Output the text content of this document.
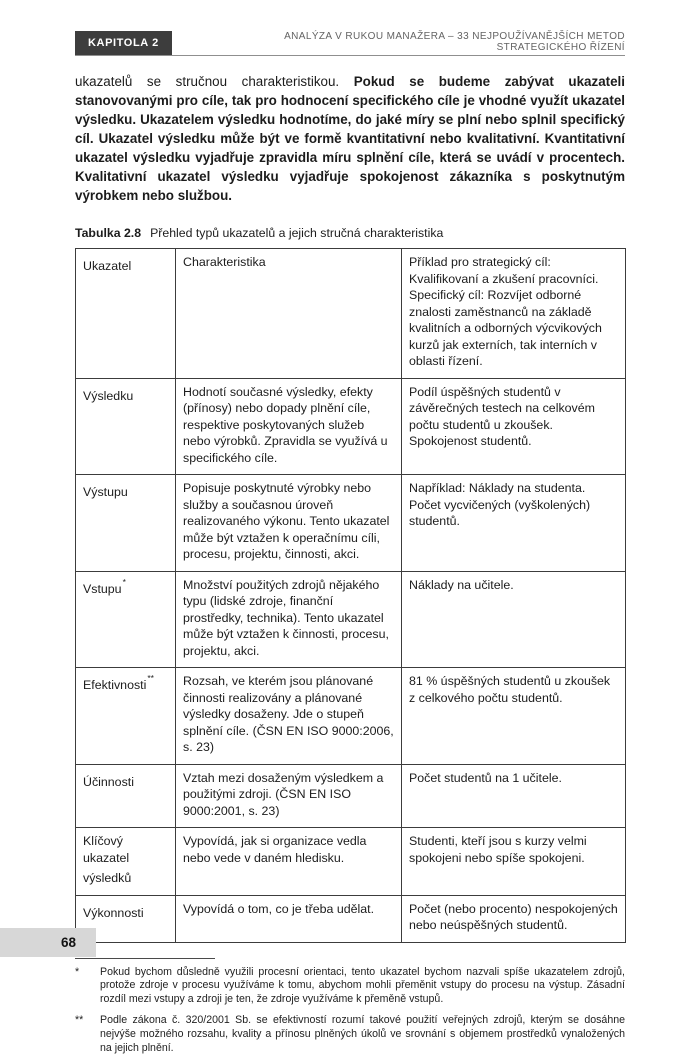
KAPITOLA 2
ANALÝZA V RUKOU MANAŽERA – 33 NEJPOUŽÍVANĚJŠÍCH METOD STRATEGICKÉHO ŘÍZENÍ

ukazatelů se stručnou charakteristikou. Pokud se budeme zabývat ukazateli stanovovanými pro cíle, tak pro hodnocení specifického cíle je vhodné využít ukazatel výsledku. Ukazatelem výsledku hodnotíme, do jaké míry se plní nebo splnil specifický cíl. Ukazatel výsledku může být ve formě kvantitativní nebo kvalitativní. Kvantitativní ukazatel výsledku vyjadřuje zpravidla míru splnění cíle, která se uvádí v procentech. Kvalitativní ukazatel výsledku vyjadřuje spokojenost zákazníka s poskytnutým výrobkem nebo službou.

Tabulka 2.8 Přehled typů ukazatelů a jejich stručná charakteristika

Ukazatel	Charakteristika	Příklad pro strategický cíl: Kvalifikovaní a zkušení pracovníci. Specifický cíl: Rozvíjet odborné znalosti zaměstnanců na základě kvalitních a odborných výcvikových kurzů jak externích, tak interních v oblasti řízení.
Výsledku	Hodnotí současné výsledky, efekty (přínosy) nebo dopady plnění cíle, respektive poskytovaných služeb nebo výrobků. Zpravidla se využívá u specifického cíle.	Podíl úspěšných studentů v závěrečných testech na celkovém počtu studentů u zkoušek. Spokojenost studentů.
Výstupu	Popisuje poskytnuté výrobky nebo služby a současnou úroveň realizovaného výkonu. Tento ukazatel může být vztažen k operačnímu cíli, procesu, projektu, činnosti, akci.	Například: Náklady na studenta. Počet vycvičených (vyškolených) studentů.
Vstupu*	Množství použitých zdrojů nějakého typu (lidské zdroje, finanční prostředky, technika). Tento ukazatel může být vztažen k činnosti, procesu, projektu, akci.	Náklady na učitele.
Efektivnosti**	Rozsah, ve kterém jsou plánované činnosti realizovány a plánované výsledky dosaženy. Jde o stupeň splnění cíle. (ČSN EN ISO 9000:2006, s. 23)	81 % úspěšných studentů u zkoušek z celkového počtu studentů.
Účinnosti	Vztah mezi dosaženým výsledkem a použitými zdroji. (ČSN EN ISO 9000:2001, s. 23)	Počet studentů na 1 učitele.
Klíčový ukazatel výsledků	Vypovídá, jak si organizace vedla nebo vede v daném hledisku.	Studenti, kteří jsou s kurzy velmi spokojeni nebo spíše spokojeni.
Výkonnosti	Vypovídá o tom, co je třeba udělat.	Počet (nebo procento) nespokojených nebo neúspěšných studentů.
*	Pokud bychom důsledně využili procesní orientaci, tento ukazatel bychom nazvali spíše ukazatelem zdrojů, protože zdroje v procesu využíváme k tomu, abychom mohli přeměnit vstupy do procesu na výstup. Zásadní rozdíl mezi vstupy a zdroji je ten, že zdroje využíváme k přeměně vstupů.
**	Podle zákona č. 320/2001 Sb. se efektivností rozumí takové použití veřejných zdrojů, kterým se dosáhne nejvýše možného rozsahu, kvality a přínosu plněných úkolů ve srovnání s objemem prostředků vynaložených na jejich plnění.
68
